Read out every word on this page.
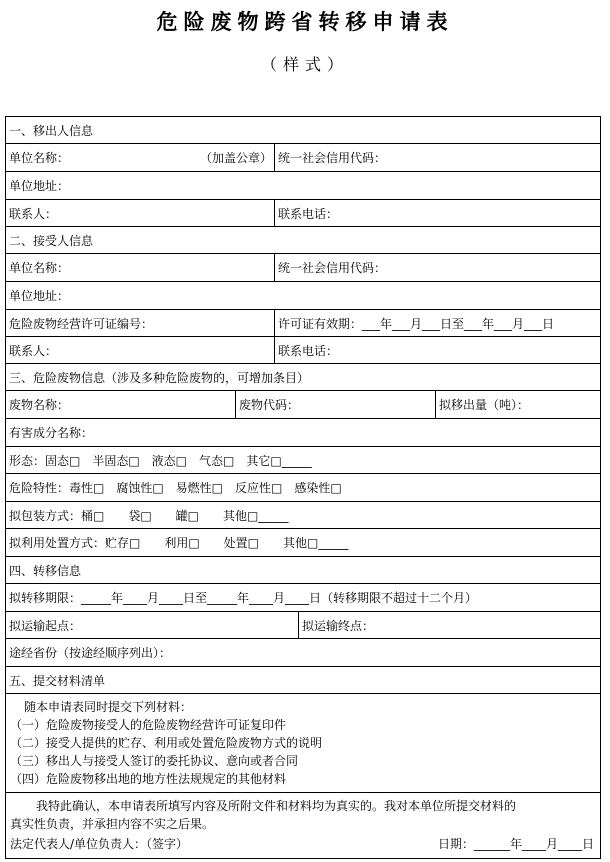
危险废物跨省转移申请表
（样式）
一、移出人信息
单位名称：	（加盖公章） 统一社会信用代码：
单位地址：
联系人：	联系电话：
二、接受人信息
单位名称：	统一社会信用代码：
单位地址：
危险废物经营许可证编号：	许可证有效期：___年___月___日至___年___月___日
联系人：	联系电话：
三、危险废物信息（涉及多种危险废物的，可增加条目）
废物名称：	废物代码：	拟移出量（吨）：
有害成分名称：
形态：固态□　半固态□　液态□　气态□　其它□_____
危险特性：毒性□　腐蚀性□　易燃性□　反应性□　感染性□
拟包装方式：桶□　　袋□　　罐□　　其他□_____
拟利用处置方式：贮存□　　利用□　　处置□　　其他□_____
四、转移信息
拟转移期限：_____年____月____日至_____年____月____日（转移期限不超过十二个月）
拟运输起点：	拟运输终点：
途经省份（按途经顺序列出）：
五、提交材料清单
随本申请表同时提交下列材料：
（一）危险废物接受人的危险废物经营许可证复印件
（二）接受人提供的贮存、利用或处置危险废物方式的说明
（三）移出人与接受人签订的委托协议、意向或者合同
（四）危险废物移出地的地方性法规规定的其他材料
我特此确认，本申请表所填写内容及所附文件和材料均为真实的。我对本单位所提交材料的
真实性负责，并承担内容不实之后果。
法定代表人/单位负责人：（签字）	日期：______年____月____日
